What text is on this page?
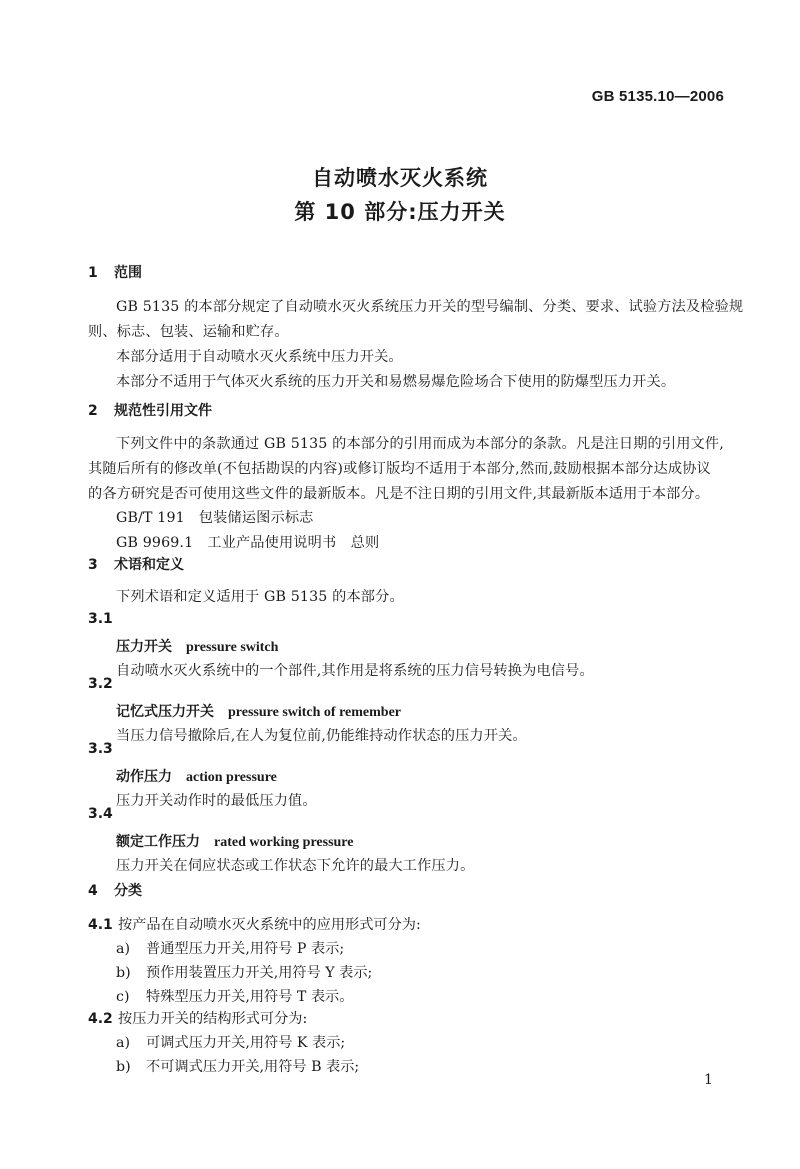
GB 5135.10—2006
自动喷水灭火系统
第 10 部分:压力开关
1 范围
GB 5135 的本部分规定了自动喷水灭火系统压力开关的型号编制、分类、要求、试验方法及检验规
则、标志、包装、运输和贮存。
本部分适用于自动喷水灭火系统中压力开关。
本部分不适用于气体灭火系统的压力开关和易燃易爆危险场合下使用的防爆型压力开关。
2 规范性引用文件
下列文件中的条款通过 GB 5135 的本部分的引用而成为本部分的条款。凡是注日期的引用文件,
其随后所有的修改单(不包括勘误的内容)或修订版均不适用于本部分,然而,鼓励根据本部分达成协议
的各方研究是否可使用这些文件的最新版本。凡是不注日期的引用文件,其最新版本适用于本部分。
GB/T 191 包装储运图示标志
GB 9969.1 工业产品使用说明书　总则
3 术语和定义
下列术语和定义适用于 GB 5135 的本部分。
3.1
压力开关 pressure switch
自动喷水灭火系统中的一个部件,其作用是将系统的压力信号转换为电信号。
3.2
记忆式压力开关 pressure switch of remember
当压力信号撤除后,在人为复位前,仍能维持动作状态的压力开关。
3.3
动作压力 action pressure
压力开关动作时的最低压力值。
3.4
额定工作压力 rated working pressure
压力开关在伺应状态或工作状态下允许的最大工作压力。
4 分类
4.1 按产品在自动喷水灭火系统中的应用形式可分为:
a) 普通型压力开关,用符号 P 表示;
b) 预作用装置压力开关,用符号 Y 表示;
c) 特殊型压力开关,用符号 T 表示。
4.2 按压力开关的结构形式可分为:
a) 可调式压力开关,用符号 K 表示;
b) 不可调式压力开关,用符号 B 表示;
1
